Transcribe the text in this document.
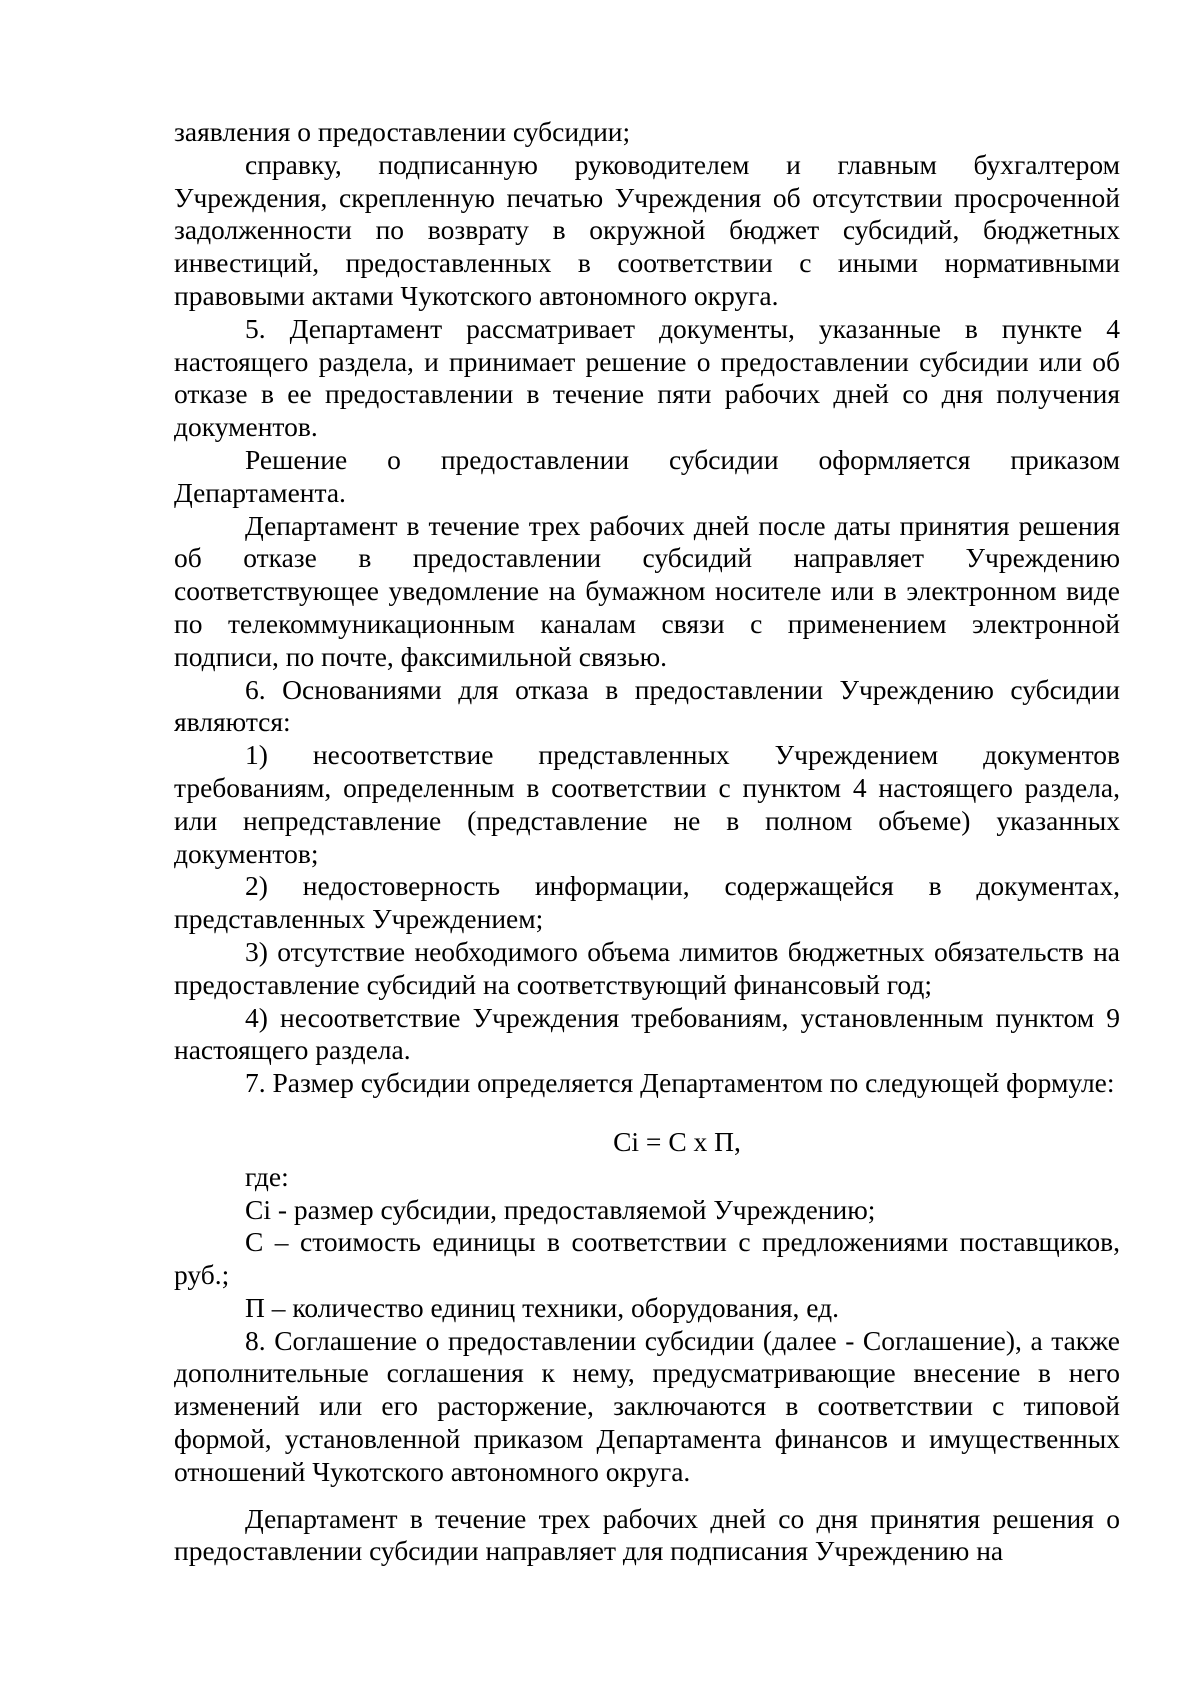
заявления о предоставлении субсидии;

справку, подписанную руководителем и главным бухгалтером Учреждения, скрепленную печатью Учреждения об отсутствии просроченной задолженности по возврату в окружной бюджет субсидий, бюджетных инвестиций, предоставленных в соответствии с иными нормативными правовыми актами Чукотского автономного округа.

5. Департамент рассматривает документы, указанные в пункте 4 настоящего раздела, и принимает решение о предоставлении субсидии или об отказе в ее предоставлении в течение пяти рабочих дней со дня получения документов.

Решение о предоставлении субсидии оформляется приказом Департамента.

Департамент в течение трех рабочих дней после даты принятия решения об отказе в предоставлении субсидий направляет Учреждению соответствующее уведомление на бумажном носителе или в электронном виде по телекоммуникационным каналам связи с применением электронной подписи, по почте, факсимильной связью.

6. Основаниями для отказа в предоставлении Учреждению субсидии являются:

1) несоответствие представленных Учреждением документов требованиям, определенным в соответствии с пунктом 4 настоящего раздела, или непредставление (представление не в полном объеме) указанных документов;

2) недостоверность информации, содержащейся в документах, представленных Учреждением;

3) отсутствие необходимого объема лимитов бюджетных обязательств на предоставление субсидий на соответствующий финансовый год;

4) несоответствие Учреждения требованиям, установленным пунктом 9 настоящего раздела.

7. Размер субсидии определяется Департаментом по следующей формуле:

Ci = C x П,

где:

Ci - размер субсидии, предоставляемой Учреждению;

С – стоимость единицы в соответствии с предложениями поставщиков, руб.;

П – количество единиц техники, оборудования, ед.

8. Соглашение о предоставлении субсидии (далее - Соглашение), а также дополнительные соглашения к нему, предусматривающие внесение в него изменений или его расторжение, заключаются в соответствии с типовой формой, установленной приказом Департамента финансов и имущественных отношений Чукотского автономного округа.

Департамент в течение трех рабочих дней со дня принятия решения о предоставлении субсидии направляет для подписания Учреждению на
